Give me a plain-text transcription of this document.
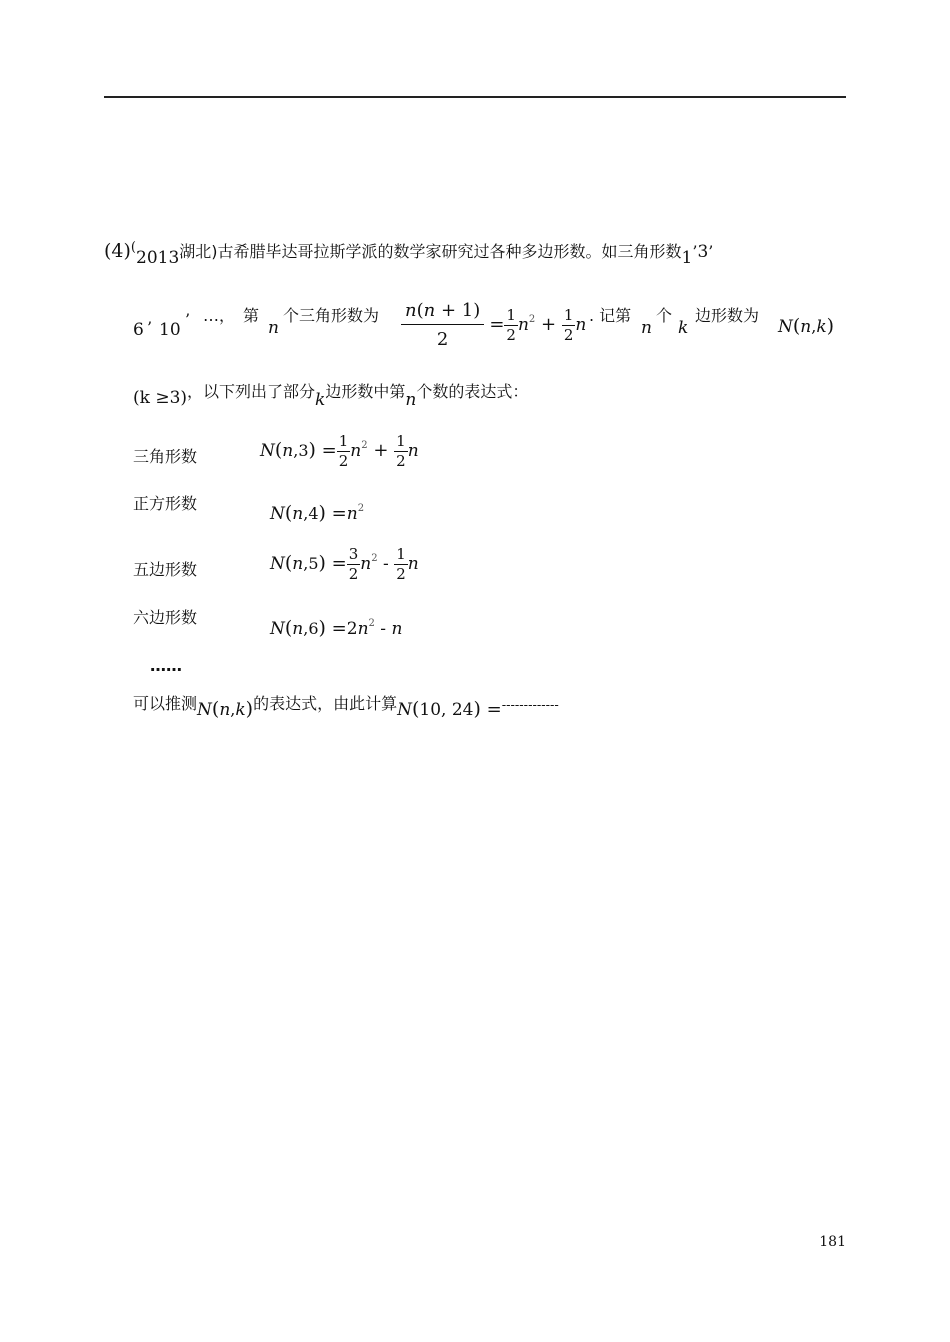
(4)(2013湖北)古希腊毕达哥拉斯学派的数学家研究过各种多边形数。如三角形数1’3’
6 ’ 10
’ …， 第
n
个三角形数为 $\frac{n(n + 1)}{2} = \frac{1}{2} n^2 + \frac{1}{2}$ n . 记第
n
个
k
边形数为
N(n,k)
(k ≥3)，以下列出了部分k边形数中第n个数的表达式：
三角形数	$N(n,3) = \frac{1}{2} n^2 + \frac{1}{2}$ n
正方形数
$N(n,4) =n^2$
五边形数	$N(n,5) = \frac{3}{2} n^2 - \frac{1}{2}$ n
六边形数
$N(n,6) =2n^2 - n$
……
可以推测N(n,k)的表达式，由此计算N(10, 24) =-------------
181
